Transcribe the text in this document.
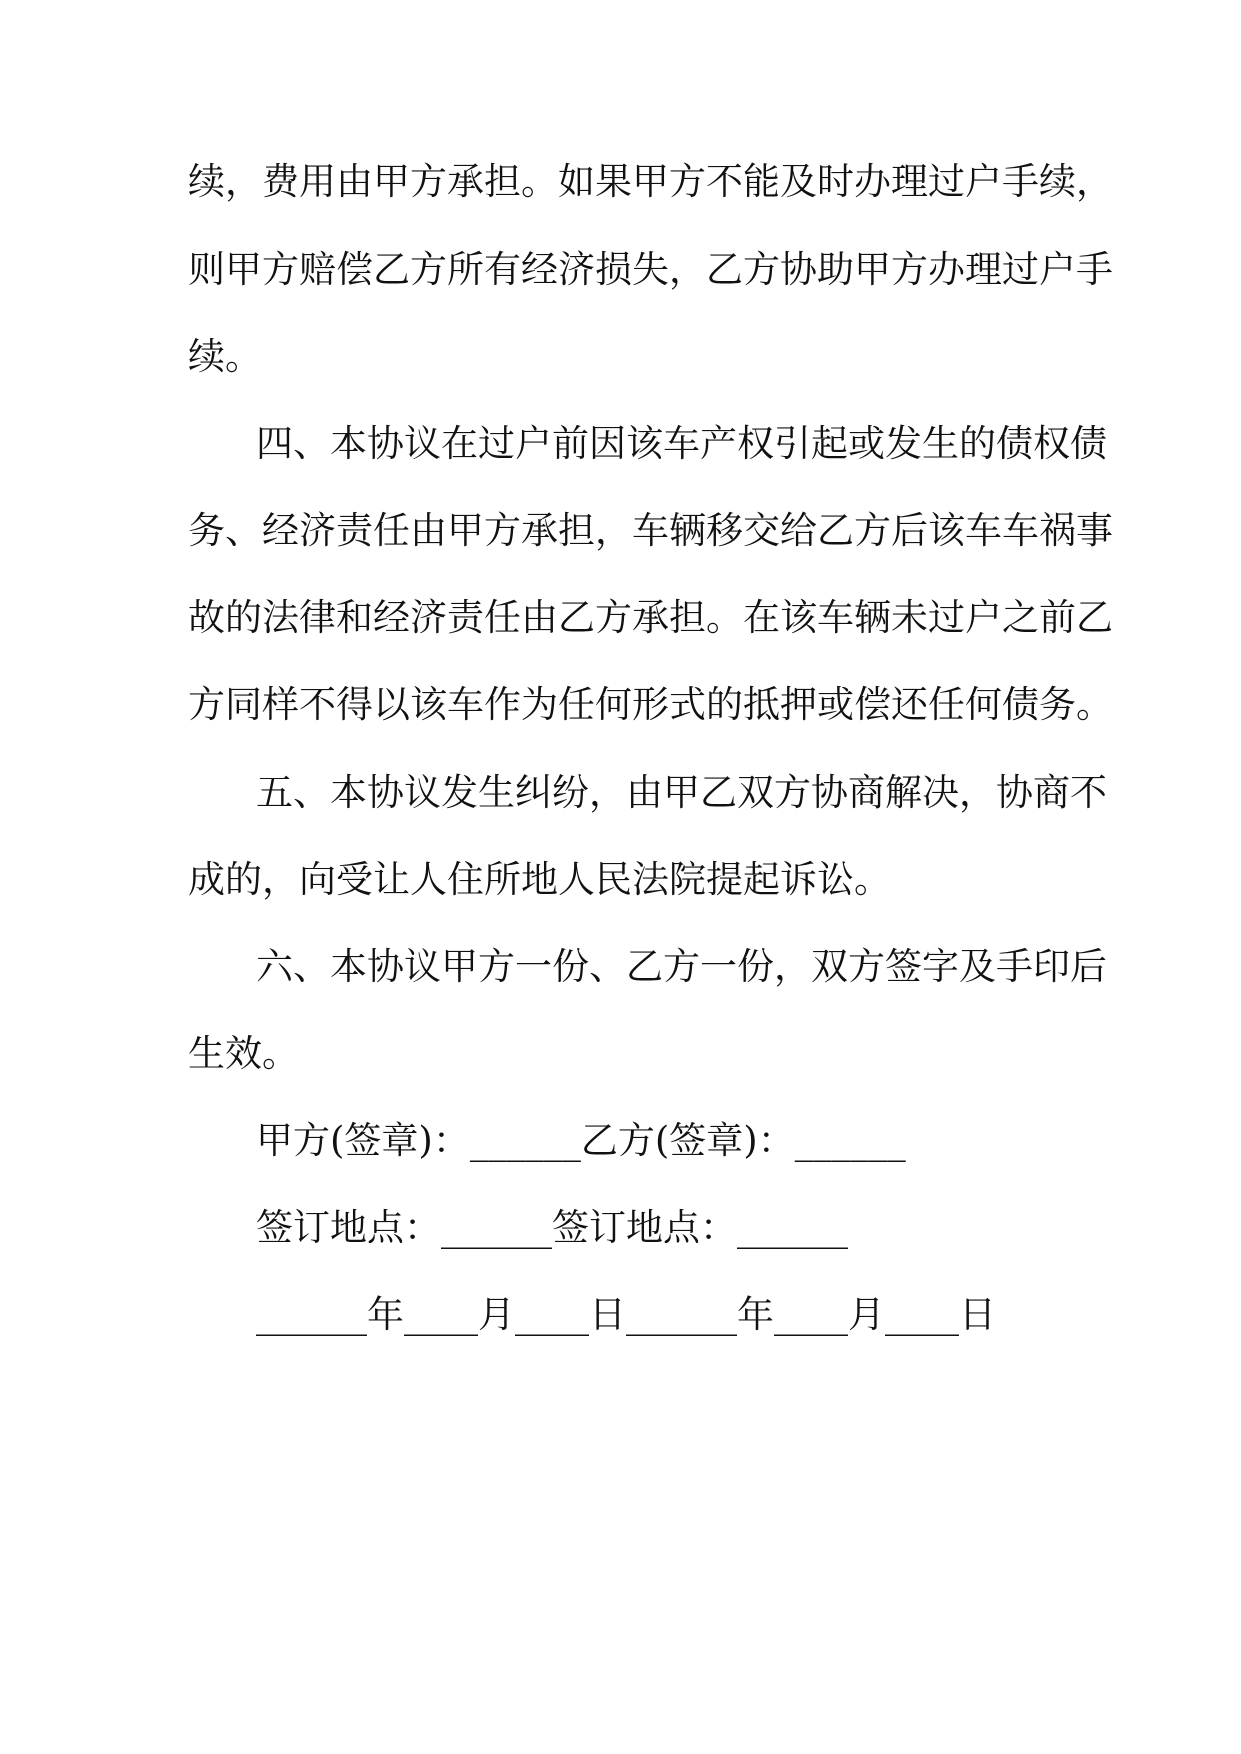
续，费用由甲方承担。如果甲方不能及时办理过户手续，
则甲方赔偿乙方所有经济损失，乙方协助甲方办理过户手
续。
四、本协议在过户前因该车产权引起或发生的债权债
务、经济责任由甲方承担，车辆移交给乙方后该车车祸事
故的法律和经济责任由乙方承担。在该车辆未过户之前乙
方同样不得以该车作为任何形式的抵押或偿还任何债务。
五、本协议发生纠纷，由甲乙双方协商解决，协商不
成的，向受让人住所地人民法院提起诉讼。
六、本协议甲方一份、乙方一份，双方签字及手印后
生效。
甲方(签章)：______乙方(签章)：______
签订地点：______签订地点：______
______年____月____日______年____月____日
